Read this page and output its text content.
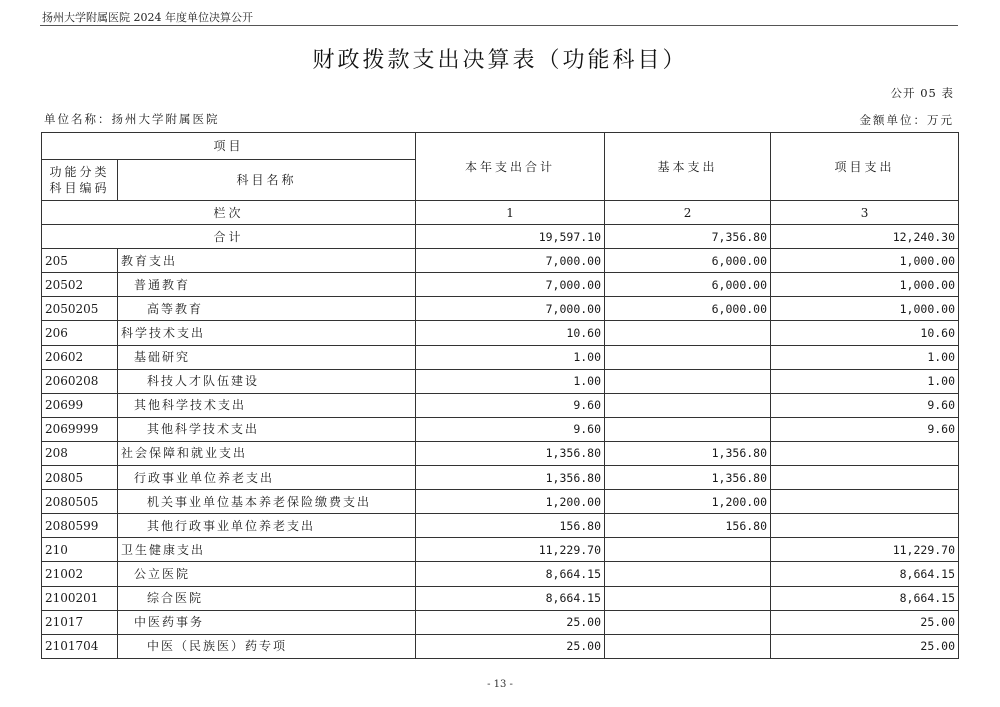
扬州大学附属医院 2024 年度单位决算公开
财政拨款支出决算表（功能科目）
公开 05 表
单位名称：扬州大学附属医院	金额单位：万元
项目		本年支出合计	基本支出	项目支出

功能分类
科目编码	科目名称			
栏次		1	2	3
合计		19,597.10	7,356.80	12,240.30
205	教育支出	7,000.00	6,000.00	1,000.00
20502	普通教育	7,000.00	6,000.00	1,000.00
2050205	高等教育	7,000.00	6,000.00	1,000.00
206	科学技术支出	10.60		10.60
20602	基础研究	1.00		1.00
2060208	科技人才队伍建设	1.00		1.00
20699	其他科学技术支出	9.60		9.60
2069999	其他科学技术支出	9.60		9.60
208	社会保障和就业支出	1,356.80	1,356.80	
20805	行政事业单位养老支出	1,356.80	1,356.80	
2080505	机关事业单位基本养老保险缴费支出	1,200.00	1,200.00	
2080599	其他行政事业单位养老支出	156.80	156.80	
210	卫生健康支出	11,229.70		11,229.70
21002	公立医院	8,664.15		8,664.15
2100201	综合医院	8,664.15		8,664.15
21017	中医药事务	25.00		25.00
2101704	中医（民族医）药专项	25.00		25.00
- 13 -
